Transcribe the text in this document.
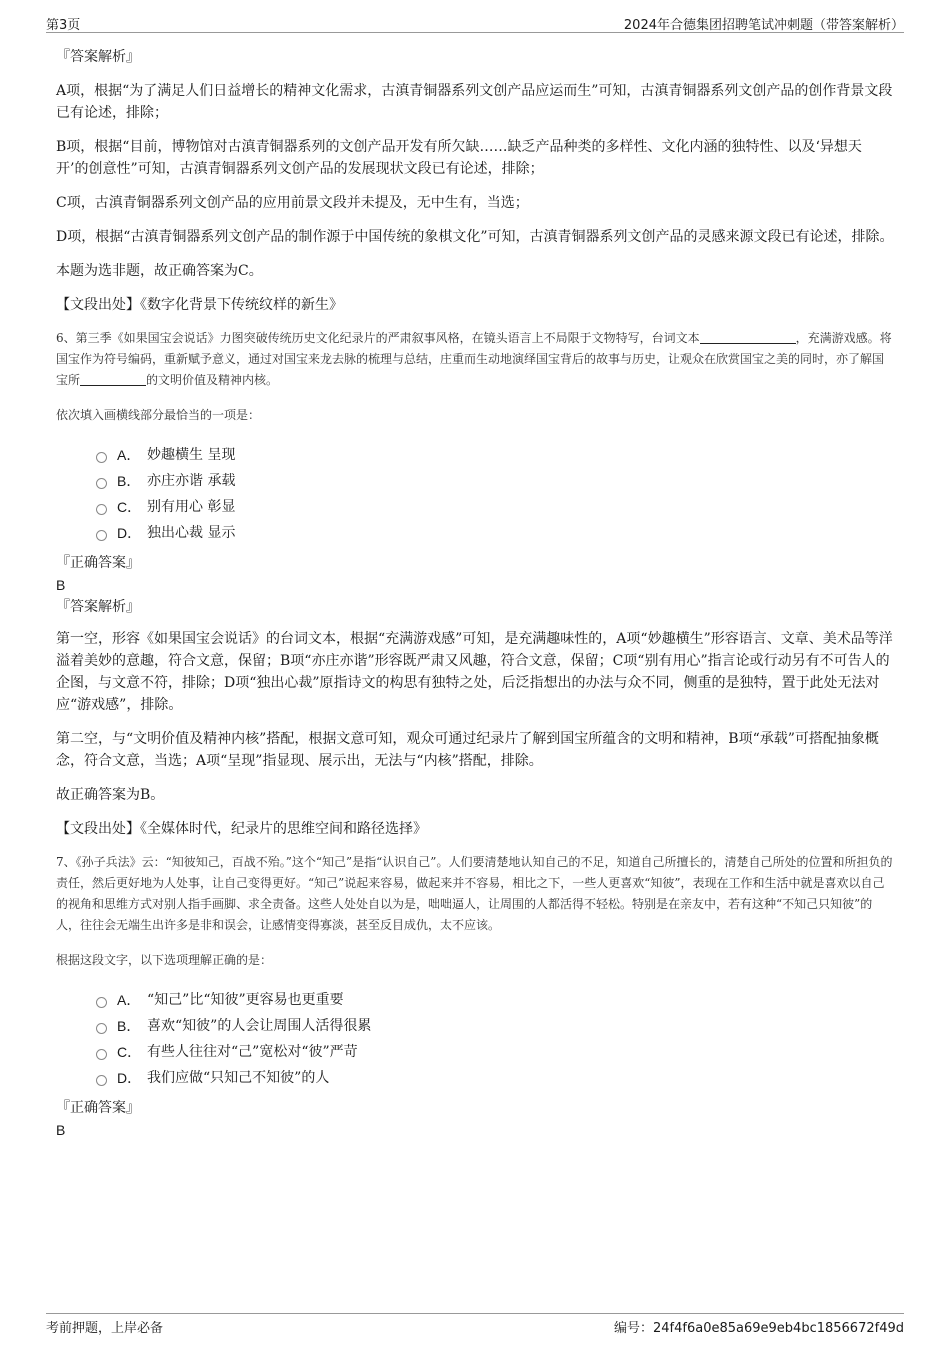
第3页	2024年合德集团招聘笔试冲刺题（带答案解析）

『答案解析』

A项，根据“为了满足人们日益增长的精神文化需求，古滇青铜器系列文创产品应运而生”可知，古滇青铜器系列文创产品的创作背景文段已有论述，排除；

B项，根据“目前，博物馆对古滇青铜器系列的文创产品开发有所欠缺……缺乏产品种类的多样性、文化内涵的独特性、以及‘异想天开’的创意性”可知，古滇青铜器系列文创产品的发展现状文段已有论述，排除；

C项，古滇青铜器系列文创产品的应用前景文段并未提及，无中生有，当选；

D项，根据“古滇青铜器系列文创产品的制作源于中国传统的象棋文化”可知，古滇青铜器系列文创产品的灵感来源文段已有论述，排除。

本题为选非题，故正确答案为C。

【文段出处】《数字化背景下传统纹样的新生》

6、第三季《如果国宝会说话》力图突破传统历史文化纪录片的严肃叙事风格，在镜头语言上不局限于文物特写，台词文本	，充满游戏感。将国宝作为符号编码，重新赋予意义，通过对国宝来龙去脉的梳理与总结，庄重而生动地演绎国宝背后的故事与历史，让观众在欣赏国宝之美的同时，亦了解国宝所	的文明价值及精神内核。

依次填入画横线部分最恰当的一项是：

A． 妙趣横生 呈现
B． 亦庄亦谐 承载
C． 别有用心 彰显
D． 独出心裁 显示

『正确答案』

B

『答案解析』

第一空，形容《如果国宝会说话》的台词文本，根据“充满游戏感”可知，是充满趣味性的，A项“妙趣横生”形容语言、文章、美术品等洋溢着美妙的意趣，符合文意，保留；B项“亦庄亦谐”形容既严肃又风趣，符合文意，保留；C项“别有用心”指言论或行动另有不可告人的企图，与文意不符，排除；D项“独出心裁”原指诗文的构思有独特之处，后泛指想出的办法与众不同，侧重的是独特，置于此处无法对应“游戏感”，排除。

第二空，与“文明价值及精神内核”搭配，根据文意可知，观众可通过纪录片了解到国宝所蕴含的文明和精神，B项“承载”可搭配抽象概念，符合文意，当选；A项“呈现”指显现、展示出，无法与“内核”搭配，排除。

故正确答案为B。

【文段出处】《全媒体时代，纪录片的思维空间和路径选择》

7、《孙子兵法》云：“知彼知己，百战不殆。”这个“知己”是指“认识自己”。人们要清楚地认知自己的不足，知道自己所擅长的，清楚自己所处的位置和所担负的责任，然后更好地为人处事，让自己变得更好。“知己”说起来容易，做起来并不容易，相比之下，一些人更喜欢“知彼”，表现在工作和生活中就是喜欢以自己的视角和思维方式对别人指手画脚、求全责备。这些人处处自以为是，咄咄逼人，让周围的人都活得不轻松。特别是在亲友中，若有这种“不知己只知彼”的人，往往会无端生出许多是非和误会，让感情变得寡淡，甚至反目成仇，太不应该。

根据这段文字，以下选项理解正确的是：

A． “知己”比“知彼”更容易也更重要
B． 喜欢“知彼”的人会让周围人活得很累
C． 有些人往往对“己”宽松对“彼”严苛
D． 我们应做“只知己不知彼”的人

『正确答案』

B

考前押题，上岸必备	编号：24f4f6a0e85a69e9eb4bc1856672f49d
